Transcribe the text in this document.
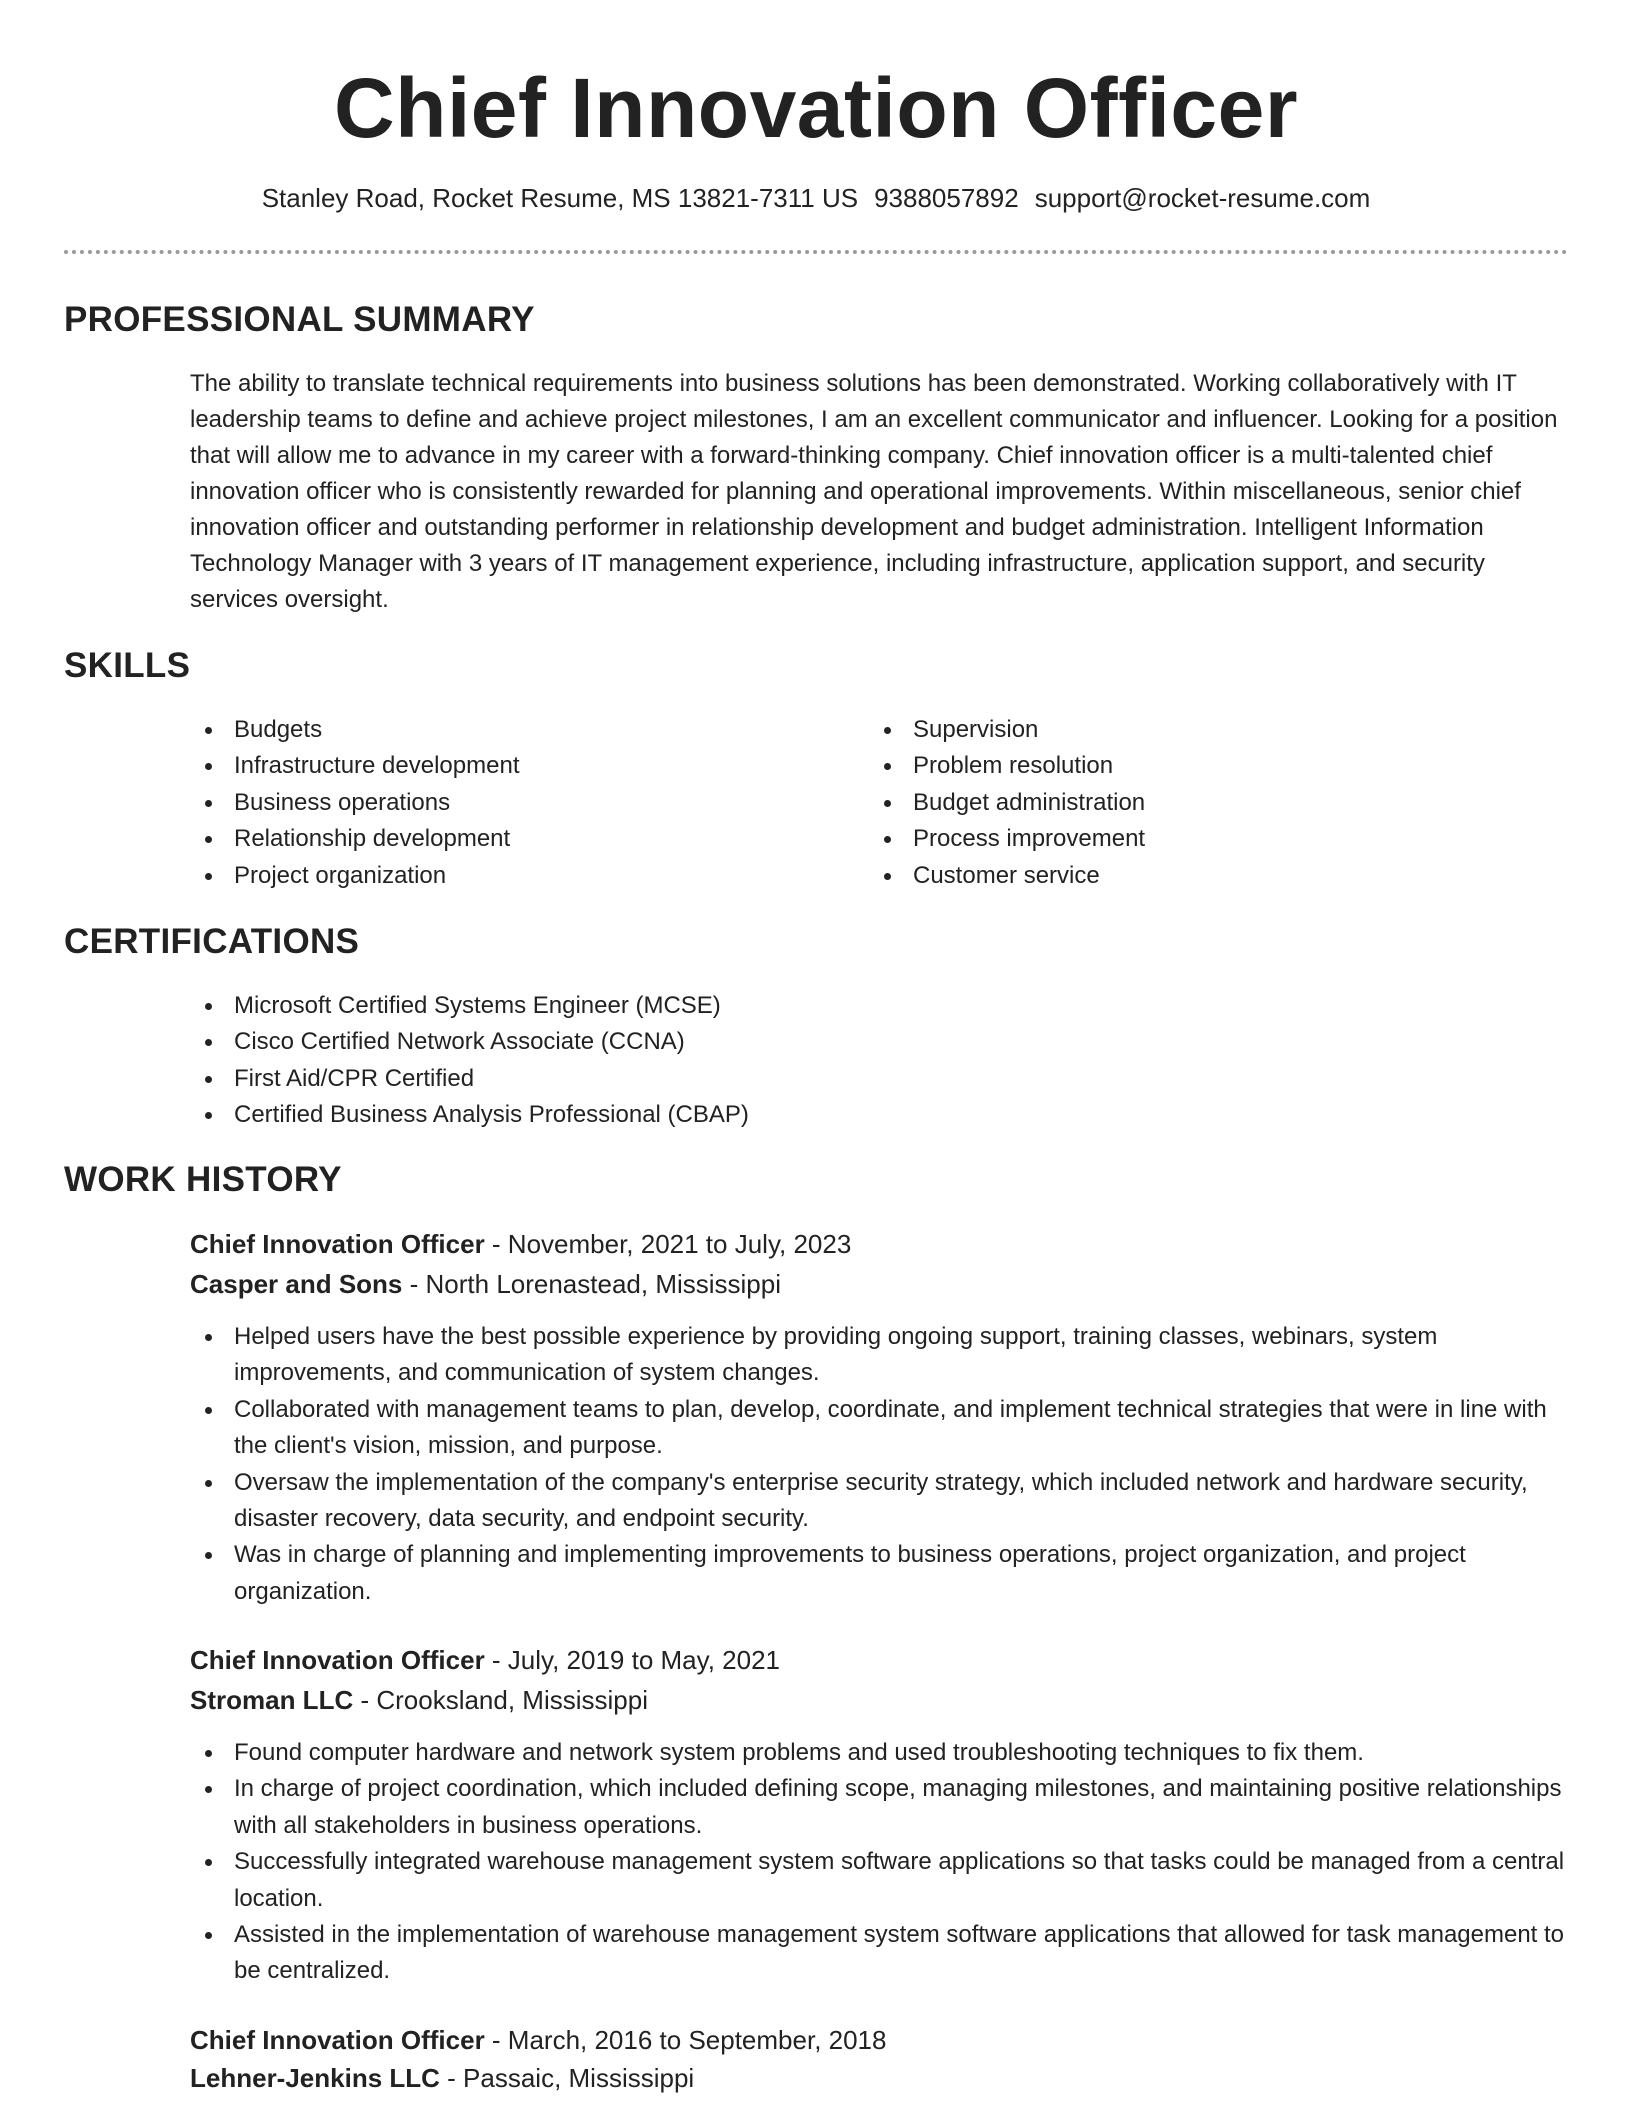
Chief Innovation Officer
Stanley Road, Rocket Resume, MS 13821-7311 US 9388057892 support@rocket-resume.com
PROFESSIONAL SUMMARY
The ability to translate technical requirements into business solutions has been demonstrated. Working collaboratively with IT leadership teams to define and achieve project milestones, I am an excellent communicator and influencer. Looking for a position that will allow me to advance in my career with a forward-thinking company. Chief innovation officer is a multi-talented chief innovation officer who is consistently rewarded for planning and operational improvements. Within miscellaneous, senior chief innovation officer and outstanding performer in relationship development and budget administration. Intelligent Information Technology Manager with 3 years of IT management experience, including infrastructure, application support, and security services oversight.
SKILLS
Budgets
Infrastructure development
Business operations
Relationship development
Project organization
Supervision
Problem resolution
Budget administration
Process improvement
Customer service
CERTIFICATIONS
Microsoft Certified Systems Engineer (MCSE)
Cisco Certified Network Associate (CCNA)
First Aid/CPR Certified
Certified Business Analysis Professional (CBAP)
WORK HISTORY
Chief Innovation Officer - November, 2021 to July, 2023
Casper and Sons - North Lorenastead, Mississippi
Helped users have the best possible experience by providing ongoing support, training classes, webinars, system improvements, and communication of system changes.
Collaborated with management teams to plan, develop, coordinate, and implement technical strategies that were in line with the client's vision, mission, and purpose.
Oversaw the implementation of the company's enterprise security strategy, which included network and hardware security, disaster recovery, data security, and endpoint security.
Was in charge of planning and implementing improvements to business operations, project organization, and project organization.
Chief Innovation Officer - July, 2019 to May, 2021
Stroman LLC - Crooksland, Mississippi
Found computer hardware and network system problems and used troubleshooting techniques to fix them.
In charge of project coordination, which included defining scope, managing milestones, and maintaining positive relationships with all stakeholders in business operations.
Successfully integrated warehouse management system software applications so that tasks could be managed from a central location.
Assisted in the implementation of warehouse management system software applications that allowed for task management to be centralized.
Chief Innovation Officer - March, 2016 to September, 2018
Lehner-Jenkins LLC - Passaic, Mississippi
